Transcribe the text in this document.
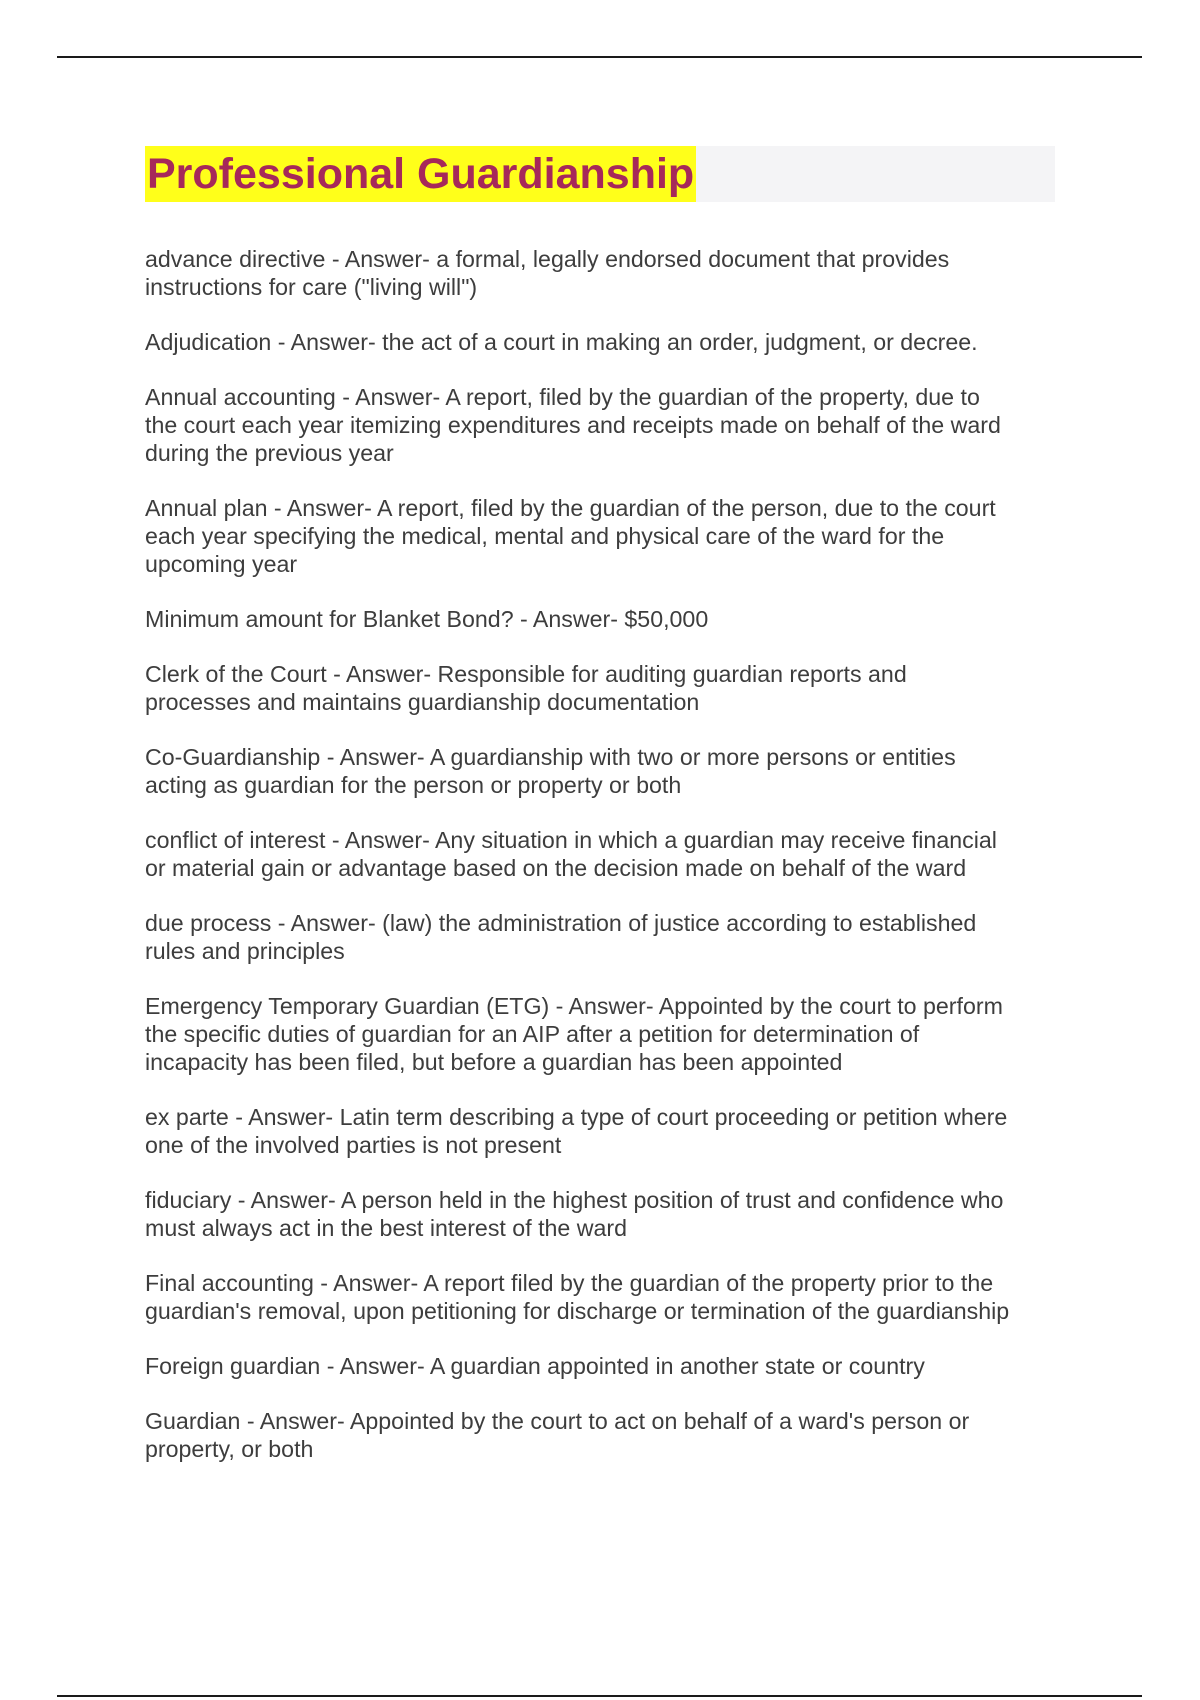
Professional Guardianship
advance directive - Answer- a formal, legally endorsed document that provides
instructions for care ("living will")
Adjudication - Answer- the act of a court in making an order, judgment, or decree.
Annual accounting - Answer- A report, filed by the guardian of the property, due to
the court each year itemizing expenditures and receipts made on behalf of the ward
during the previous year
Annual plan - Answer- A report, filed by the guardian of the person, due to the court
each year specifying the medical, mental and physical care of the ward for the
upcoming year
Minimum amount for Blanket Bond? - Answer- $50,000
Clerk of the Court - Answer- Responsible for auditing guardian reports and
processes and maintains guardianship documentation
Co-Guardianship - Answer- A guardianship with two or more persons or entities
acting as guardian for the person or property or both
conflict of interest - Answer- Any situation in which a guardian may receive financial
or material gain or advantage based on the decision made on behalf of the ward
due process - Answer- (law) the administration of justice according to established
rules and principles
Emergency Temporary Guardian (ETG) - Answer- Appointed by the court to perform
the specific duties of guardian for an AIP after a petition for determination of
incapacity has been filed, but before a guardian has been appointed
ex parte - Answer- Latin term describing a type of court proceeding or petition where
one of the involved parties is not present
fiduciary - Answer- A person held in the highest position of trust and confidence who
must always act in the best interest of the ward
Final accounting - Answer- A report filed by the guardian of the property prior to the
guardian's removal, upon petitioning for discharge or termination of the guardianship
Foreign guardian - Answer- A guardian appointed in another state or country
Guardian - Answer- Appointed by the court to act on behalf of a ward's person or
property, or both
